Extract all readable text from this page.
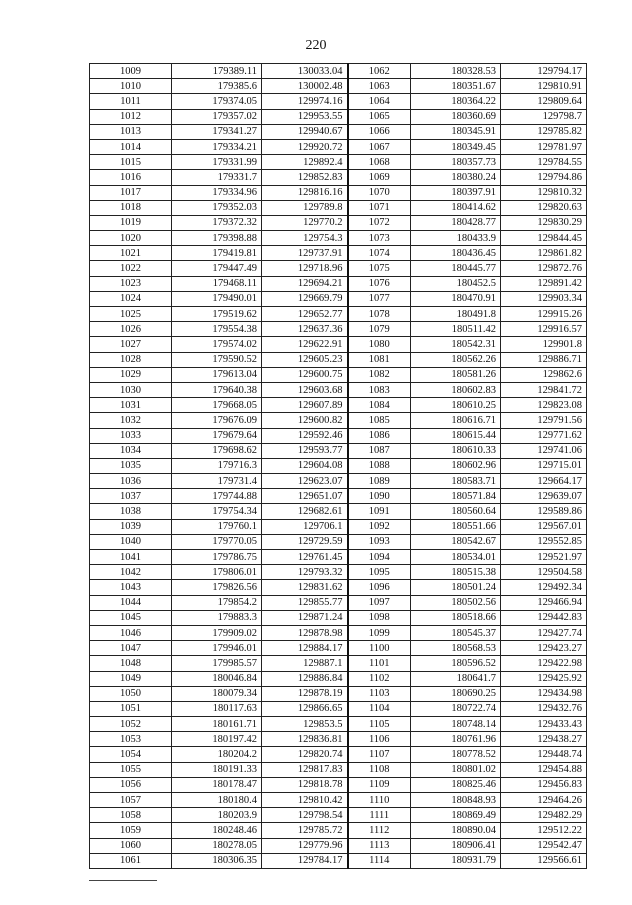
220
1009	179389.11	130033.04	1062	180328.53	129794.17
1010	179385.6	130002.48	1063	180351.67	129810.91
1011	179374.05	129974.16	1064	180364.22	129809.64
1012	179357.02	129953.55	1065	180360.69	129798.7
1013	179341.27	129940.67	1066	180345.91	129785.82
1014	179334.21	129920.72	1067	180349.45	129781.97
1015	179331.99	129892.4	1068	180357.73	129784.55
1016	179331.7	129852.83	1069	180380.24	129794.86
1017	179334.96	129816.16	1070	180397.91	129810.32
1018	179352.03	129789.8	1071	180414.62	129820.63
1019	179372.32	129770.2	1072	180428.77	129830.29
1020	179398.88	129754.3	1073	180433.9	129844.45
1021	179419.81	129737.91	1074	180436.45	129861.82
1022	179447.49	129718.96	1075	180445.77	129872.76
1023	179468.11	129694.21	1076	180452.5	129891.42
1024	179490.01	129669.79	1077	180470.91	129903.34
1025	179519.62	129652.77	1078	180491.8	129915.26
1026	179554.38	129637.36	1079	180511.42	129916.57
1027	179574.02	129622.91	1080	180542.31	129901.8
1028	179590.52	129605.23	1081	180562.26	129886.71
1029	179613.04	129600.75	1082	180581.26	129862.6
1030	179640.38	129603.68	1083	180602.83	129841.72
1031	179668.05	129607.89	1084	180610.25	129823.08
1032	179676.09	129600.82	1085	180616.71	129791.56
1033	179679.64	129592.46	1086	180615.44	129771.62
1034	179698.62	129593.77	1087	180610.33	129741.06
1035	179716.3	129604.08	1088	180602.96	129715.01
1036	179731.4	129623.07	1089	180583.71	129664.17
1037	179744.88	129651.07	1090	180571.84	129639.07
1038	179754.34	129682.61	1091	180560.64	129589.86
1039	179760.1	129706.1	1092	180551.66	129567.01
1040	179770.05	129729.59	1093	180542.67	129552.85
1041	179786.75	129761.45	1094	180534.01	129521.97
1042	179806.01	129793.32	1095	180515.38	129504.58
1043	179826.56	129831.62	1096	180501.24	129492.34
1044	179854.2	129855.77	1097	180502.56	129466.94
1045	179883.3	129871.24	1098	180518.66	129442.83
1046	179909.02	129878.98	1099	180545.37	129427.74
1047	179946.01	129884.17	1100	180568.53	129423.27
1048	179985.57	129887.1	1101	180596.52	129422.98
1049	180046.84	129886.84	1102	180641.7	129425.92
1050	180079.34	129878.19	1103	180690.25	129434.98
1051	180117.63	129866.65	1104	180722.74	129432.76
1052	180161.71	129853.5	1105	180748.14	129433.43
1053	180197.42	129836.81	1106	180761.96	129438.27
1054	180204.2	129820.74	1107	180778.52	129448.74
1055	180191.33	129817.83	1108	180801.02	129454.88
1056	180178.47	129818.78	1109	180825.46	129456.83
1057	180180.4	129810.42	1110	180848.93	129464.26
1058	180203.9	129798.54	1111	180869.49	129482.29
1059	180248.46	129785.72	1112	180890.04	129512.22
1060	180278.05	129779.96	1113	180906.41	129542.47
1061	180306.35	129784.17	1114	180931.79	129566.61
